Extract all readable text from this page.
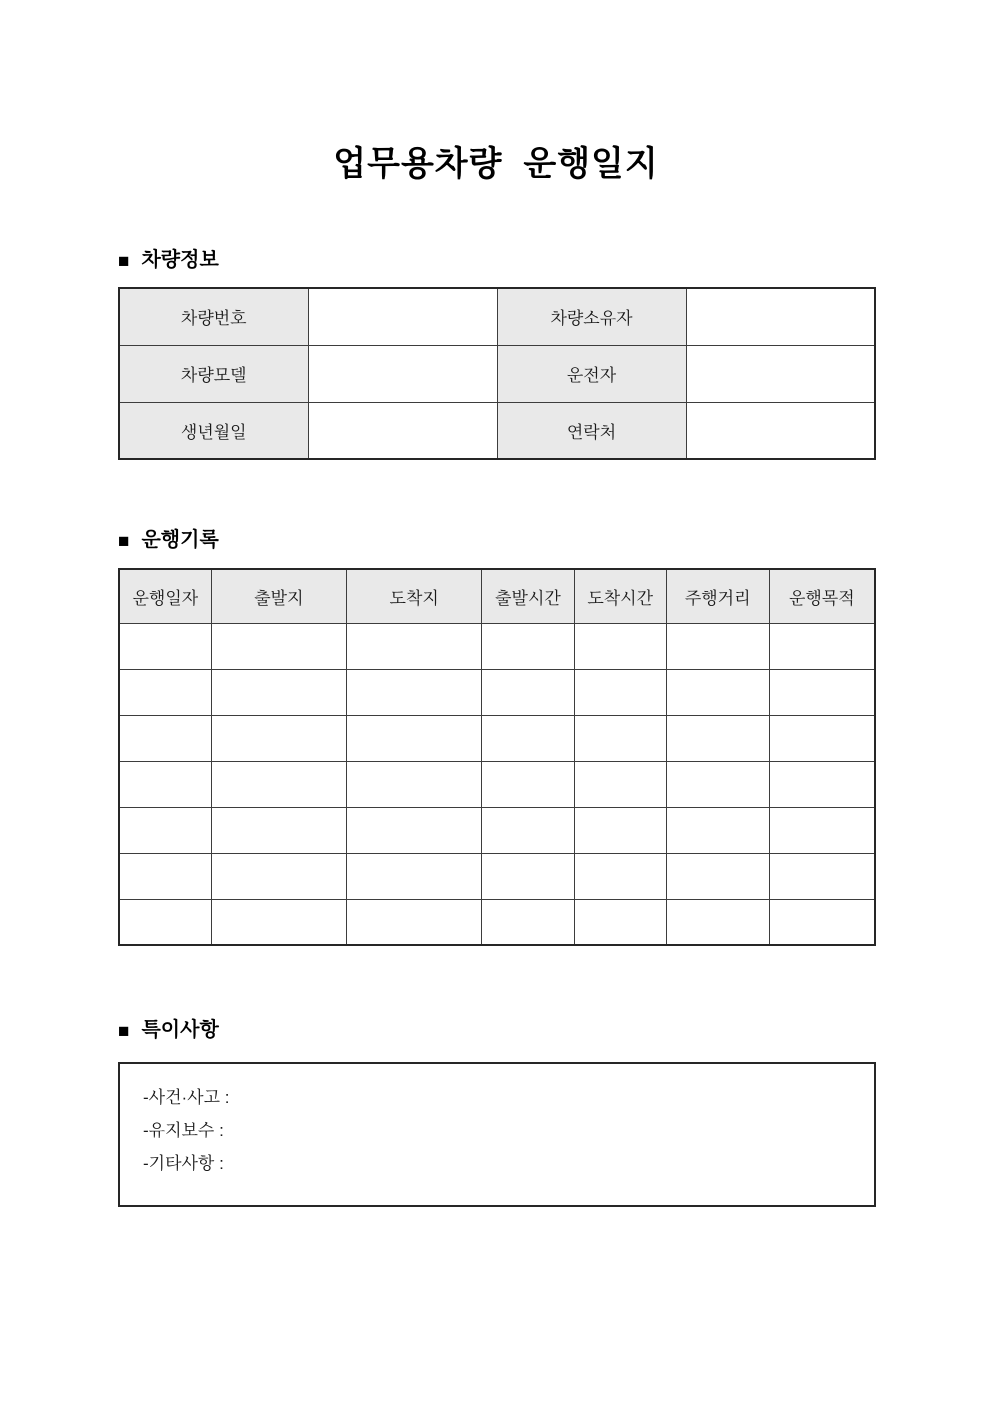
업무용차량  운행일지
■ 차량정보
차량번호		차량소유자	
차량모델		운전자	
생년월일		연락처	
■ 운행기록
운행일자	출발지	도착지	출발시간	도착시간	주행거리	운행목적

■ 특이사항
-사건·사고 :
-유지보수 :
-기타사항 :
